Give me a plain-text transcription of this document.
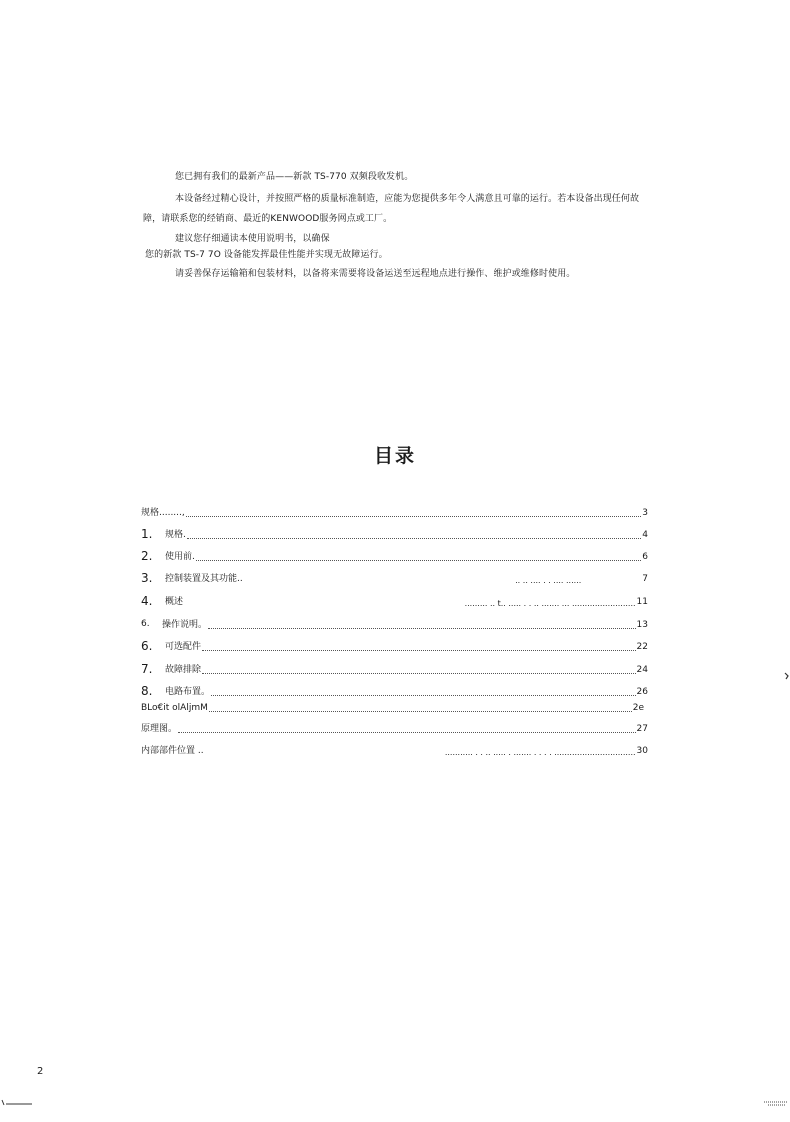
您已拥有我们的最新产品——新款 TS-770 双频段收发机。

本设备经过精心设计，并按照严格的质量标准制造，应能为您提供多年令人满意且可靠的运行。若本设备出现任何故

障，请联系您的经销商、最近的KENWOOD服务网点或工厂。

建议您仔细通读本使用说明书，以确保

您的新款 TS-7 7O 设备能发挥最佳性能并实现无故障运行。

请妥善保存运输箱和包装材料，以备将来需要将设备运送至远程地点进行操作、维护或维修时使用。

目录
规格........,	3
1.	规格.	4
2.	使用前.	6
3.	控制装置及其功能..	.. .. .... . . .... ......	7
4.	概述	......... .. t.. ..... . . .. ....... ... ......................... 11
6.	操作说明。	13
6.	可选配件	22
7.	故障排除	24
8.	电路布置。	26
BLo€it olAljmM	2e
原理图。	27
内部部件位置 ..	........... . . .. ..... . ....... . . . . ................................ 30

2
